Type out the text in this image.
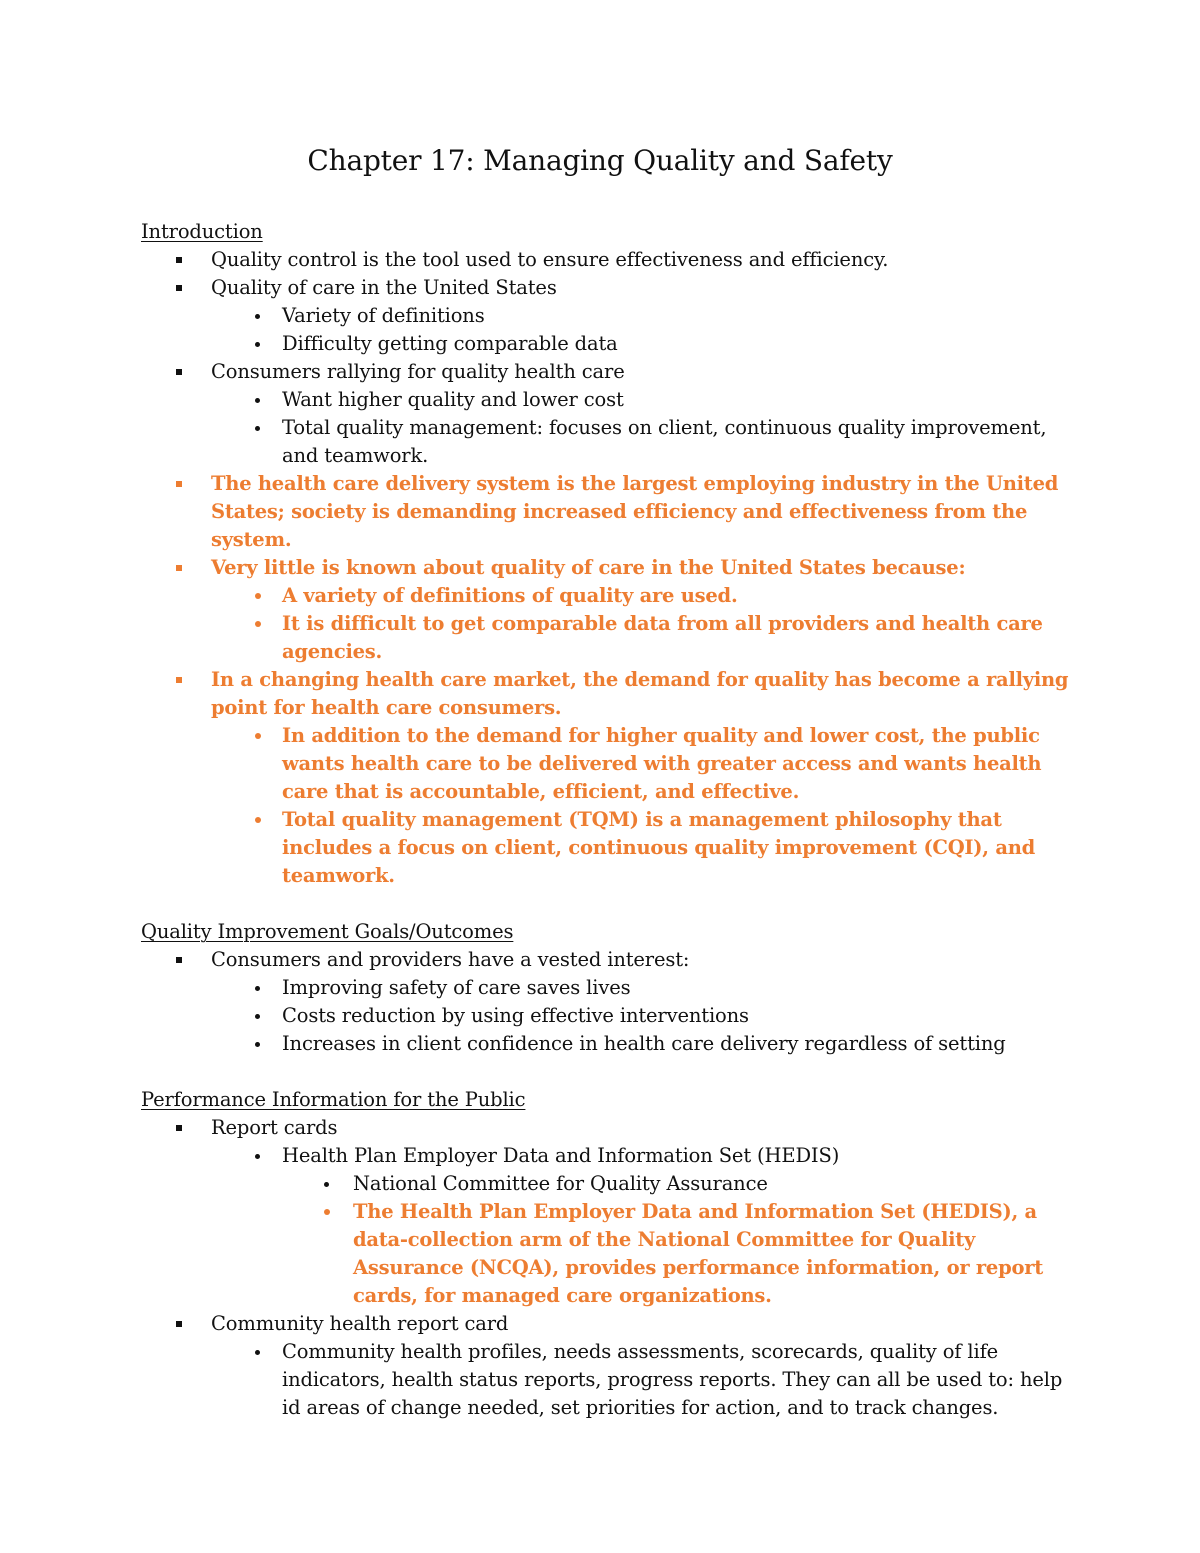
Chapter 17: Managing Quality and Safety
Introduction
Quality control is the tool used to ensure effectiveness and efficiency.
Quality of care in the United States
Variety of definitions
Difficulty getting comparable data
Consumers rallying for quality health care
Want higher quality and lower cost
Total quality management: focuses on client, continuous quality improvement, and teamwork.
The health care delivery system is the largest employing industry in the United States; society is demanding increased efficiency and effectiveness from the system.
Very little is known about quality of care in the United States because:
A variety of definitions of quality are used.
It is difficult to get comparable data from all providers and health care agencies.
In a changing health care market, the demand for quality has become a rallying point for health care consumers.
In addition to the demand for higher quality and lower cost, the public wants health care to be delivered with greater access and wants health care that is accountable, efficient, and effective.
Total quality management (TQM) is a management philosophy that includes a focus on client, continuous quality improvement (CQI), and teamwork.
Quality Improvement Goals/Outcomes
Consumers and providers have a vested interest:
Improving safety of care saves lives
Costs reduction by using effective interventions
Increases in client confidence in health care delivery regardless of setting
Performance Information for the Public
Report cards
Health Plan Employer Data and Information Set (HEDIS)
National Committee for Quality Assurance
The Health Plan Employer Data and Information Set (HEDIS), a data-collection arm of the National Committee for Quality Assurance (NCQA), provides performance information, or report cards, for managed care organizations.
Community health report card
Community health profiles, needs assessments, scorecards, quality of life indicators, health status reports, progress reports. They can all be used to: help id areas of change needed, set priorities for action, and to track changes.
